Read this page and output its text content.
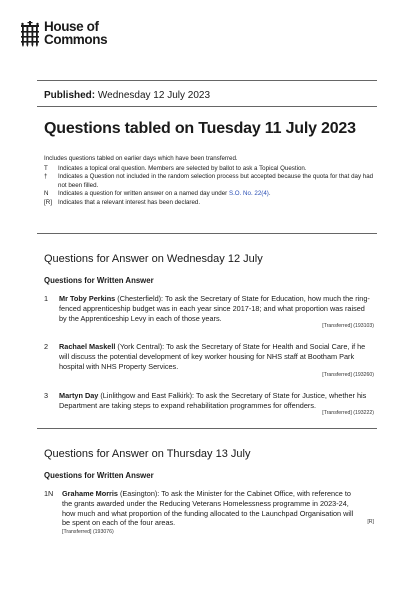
House of
Commons
Published: Wednesday 12 July 2023
Questions tabled on Tuesday 11 July 2023
Includes questions tabled on earlier days which have been transferred.
T	Indicates a topical oral question. Members are selected by ballot to ask a Topical Question.
†	Indicates a Question not included in the random selection process but accepted because the quota for that day had not been filled.
N	Indicates a question for written answer on a named day under S.O. No. 22(4).
[R] Indicates that a relevant interest has been declared.
Questions for Answer on Wednesday 12 July
Questions for Written Answer
1 Mr Toby Perkins (Chesterfield): To ask the Secretary of State for Education, how much the ring-fenced apprenticeship budget was in each year since 2017-18; and what proportion was raised by the Apprenticeship Levy in each of those years.
[Transferred] (193103)
2 Rachael Maskell (York Central): To ask the Secretary of State for Health and Social Care, if he will discuss the potential development of key worker housing for NHS staff at Bootham Park hospital with NHS Property Services.
[Transferred] (193260)
3 Martyn Day (Linlithgow and East Falkirk): To ask the Secretary of State for Justice, whether his Department are taking steps to expand rehabilitation programmes for offenders.
[Transferred] (193222)
Questions for Answer on Thursday 13 July
Questions for Written Answer
1N Grahame Morris (Easington): To ask the Minister for the Cabinet Office, with reference to the grants awarded under the Reducing Veterans Homelessness programme in 2023-24, how much and what proportion of the funding allocated to the Launchpad Organisation will be spent on each of the four areas.	[R]
[Transferred] (193076)
